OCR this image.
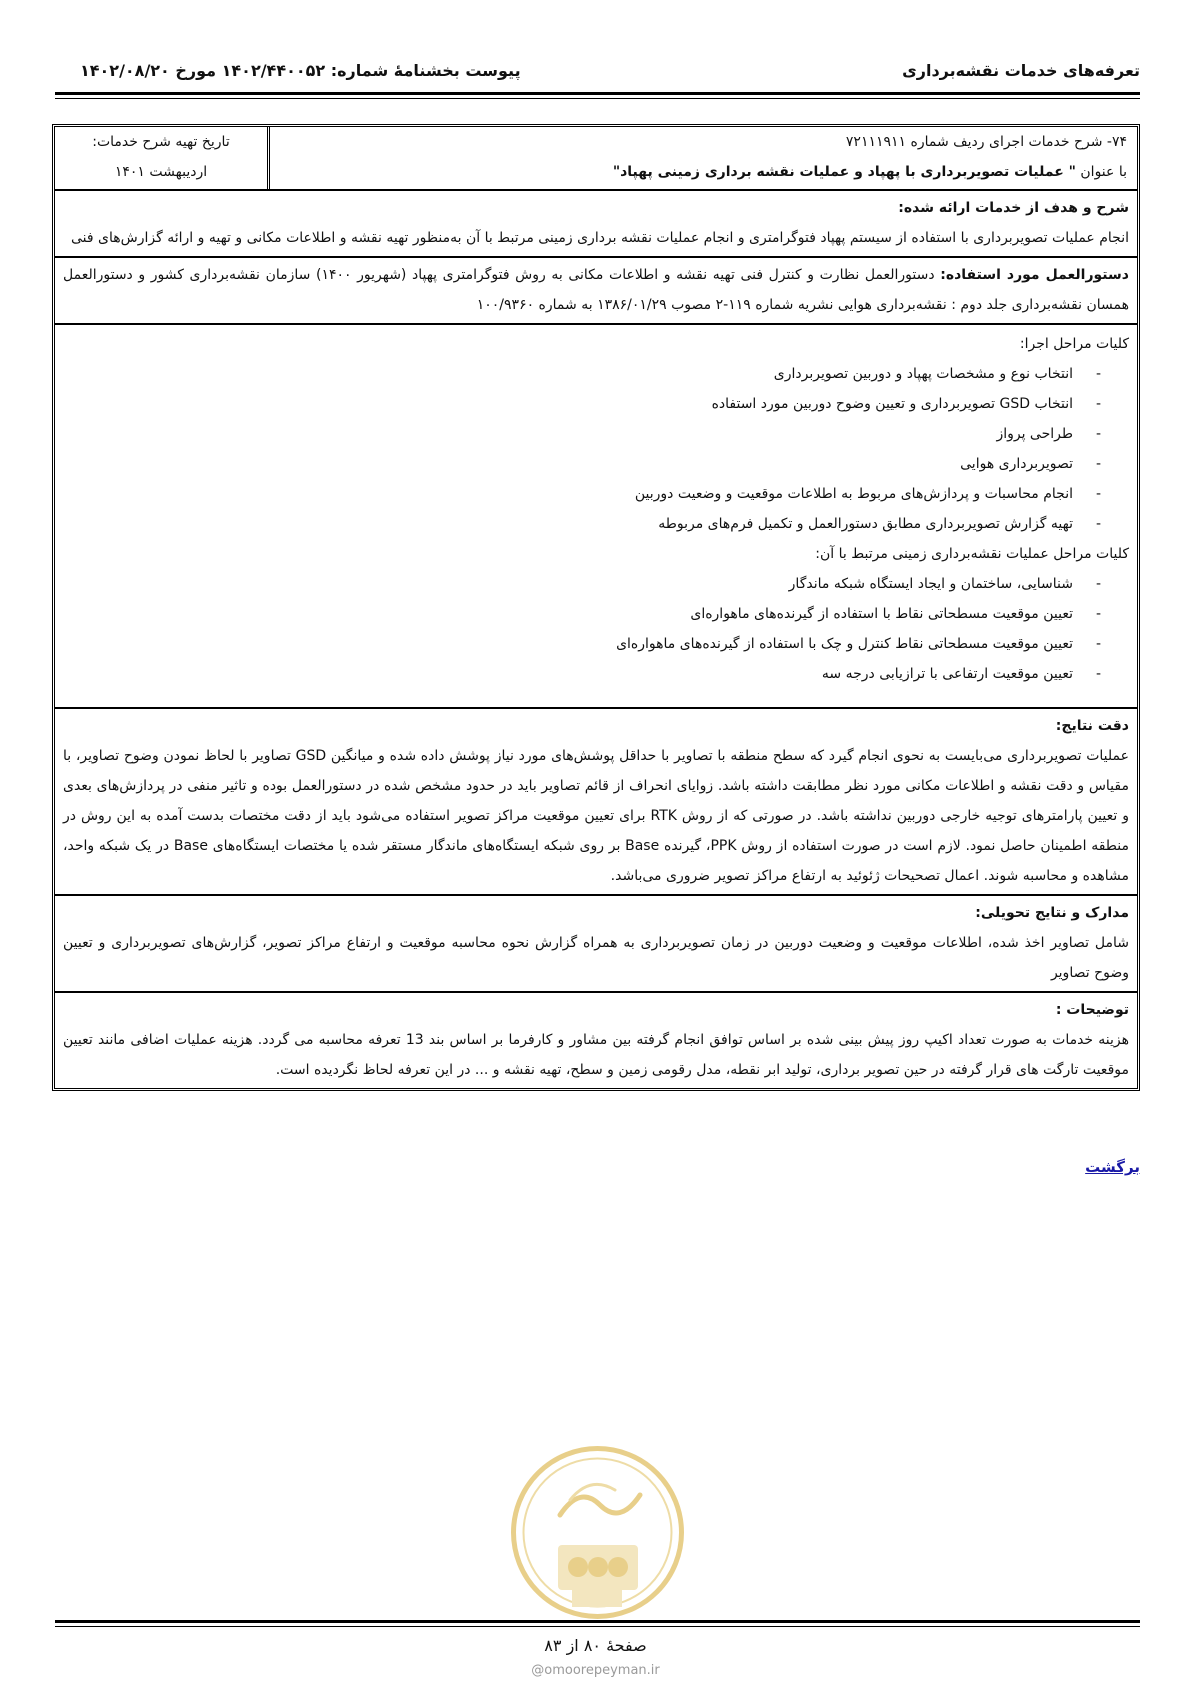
تعرفه‌های خدمات نقشه‌برداری
پیوست بخشنامهٔ شماره: ۱۴۰۲/۴۴۰۰۵۲ مورخ ۱۴۰۲/۰۸/۲۰
۷۴- شرح خدمات اجرای ردیف شماره ۷۲۱۱۱۹۱۱
با عنوان " عملیات تصویربرداری با پهپاد و عملیات نقشه برداری زمینی پهپاد"
تاریخ تهیه شرح خدمات:
اردیبهشت ۱۴۰۱
شرح و هدف از خدمات ارائه شده:
انجام عملیات تصویربرداری با استفاده از سیستم پهپاد فتوگرامتری و انجام عملیات نقشه برداری زمینی مرتبط با آن به‌منظور تهیه نقشه و اطلاعات مکانی و تهیه و ارائه گزارش‌های فنی
دستورالعمل مورد استفاده: دستورالعمل نظارت و کنترل فنی تهیه نقشه و اطلاعات مکانی به روش فتوگرامتری پهپاد (شهریور ۱۴۰۰) سازمان نقشه‌برداری کشور و دستورالعمل همسان نقشه‌برداری جلد دوم : نقشه‌برداری هوایی نشریه شماره ۱۱۹-۲ مصوب ۱۳۸۶/۰۱/۲۹ به شماره ۱۰۰/۹۳۶۰
کلیات مراحل اجرا:
- انتخاب نوع و مشخصات پهپاد و دوربین تصویربرداری
- انتخاب GSD تصویربرداری و تعیین وضوح دوربین مورد استفاده
- طراحی پرواز
- تصویربرداری هوایی
- انجام محاسبات و پردازش‌های مربوط به اطلاعات موقعیت و وضعیت دوربین
- تهیه گزارش تصویربرداری مطابق دستورالعمل و تکمیل فرم‌های مربوطه
کلیات مراحل عملیات نقشه‌برداری زمینی مرتبط با آن:
- شناسایی، ساختمان و ایجاد ایستگاه شبکه ماندگار
- تعیین موقعیت مسطحاتی نقاط با استفاده از گیرنده‌های ماهواره‌ای
- تعیین موقعیت مسطحاتی نقاط کنترل و چک با استفاده از گیرنده‌های ماهواره‌ای
- تعیین موقعیت ارتفاعی با ترازیابی درجه سه
دقت نتایج:
عملیات تصویربرداری می‌بایست به نحوی انجام گیرد که سطح منطقه با تصاویر با حداقل پوشش‌های مورد نیاز پوشش داده شده و میانگین GSD تصاویر با لحاظ نمودن وضوح تصاویر، با مقیاس و دقت نقشه و اطلاعات مکانی مورد نظر مطابقت داشته باشد. زوایای انحراف از قائم تصاویر باید در حدود مشخص شده در دستورالعمل بوده و تاثیر منفی در پردازش‌های بعدی و تعیین پارامترهای توجیه خارجی دوربین نداشته باشد. در صورتی که از روش RTK برای تعیین موقعیت مراکز تصویر استفاده می‌شود باید از دقت مختصات بدست آمده به این روش در منطقه اطمینان حاصل نمود. لازم است در صورت استفاده از روش PPK، گیرنده Base بر روی شبکه ایستگاه‌های ماندگار مستقر شده یا مختصات ایستگاه‌های Base در یک شبکه واحد، مشاهده و محاسبه شوند. اعمال تصحیحات ژئوئید به ارتفاع مراکز تصویر ضروری می‌باشد.
مدارک و نتایج تحویلی:
شامل تصاویر اخذ شده، اطلاعات موقعیت و وضعیت دوربین در زمان تصویربرداری به همراه گزارش نحوه محاسبه موقعیت و ارتفاع مراکز تصویر، گزارش‌های تصویربرداری و تعیین وضوح تصاویر
توضیحات :
هزینه خدمات به صورت تعداد اکیپ روز پیش بینی شده بر اساس توافق انجام گرفته بین مشاور و کارفرما بر اساس بند 13 تعرفه محاسبه می گردد. هزینه عملیات اضافی مانند تعیین موقعیت تارگت های قرار گرفته در حین تصویر برداری، تولید ابر نقطه، مدل رقومی زمین و سطح، تهیه نقشه و ... در این تعرفه لحاظ نگردیده است.
برگشت
صفحهٔ ۸۰ از ۸۳
@omoorepeyman.ir
